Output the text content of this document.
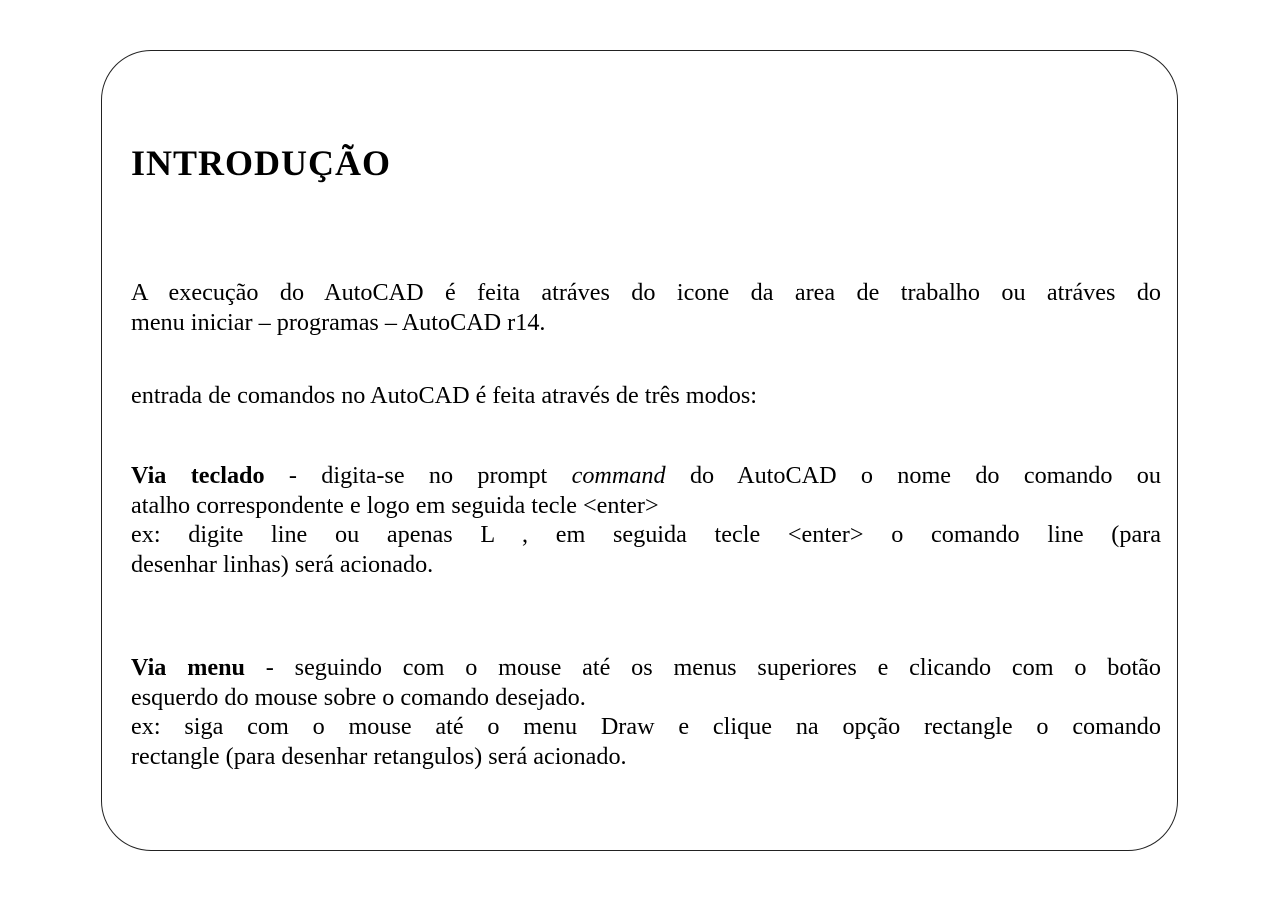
INTRODUÇÃO
A execução do AutoCAD é feita atráves do icone da area de trabalho ou atráves do
menu iniciar – programas – AutoCAD r14.
entrada de comandos no AutoCAD é feita através de três modos:
Via teclado - digita-se no prompt command do AutoCAD o nome do comando ou
atalho correspondente e logo em seguida tecle <enter>
ex: digite line ou apenas L , em seguida tecle <enter> o comando line (para
desenhar linhas) será acionado.
Via menu - seguindo com o mouse até os menus superiores e clicando com o botão
esquerdo do mouse sobre o comando desejado.
ex: siga com o mouse até o menu Draw e clique na opção rectangle o comando
rectangle (para desenhar retangulos) será acionado.
